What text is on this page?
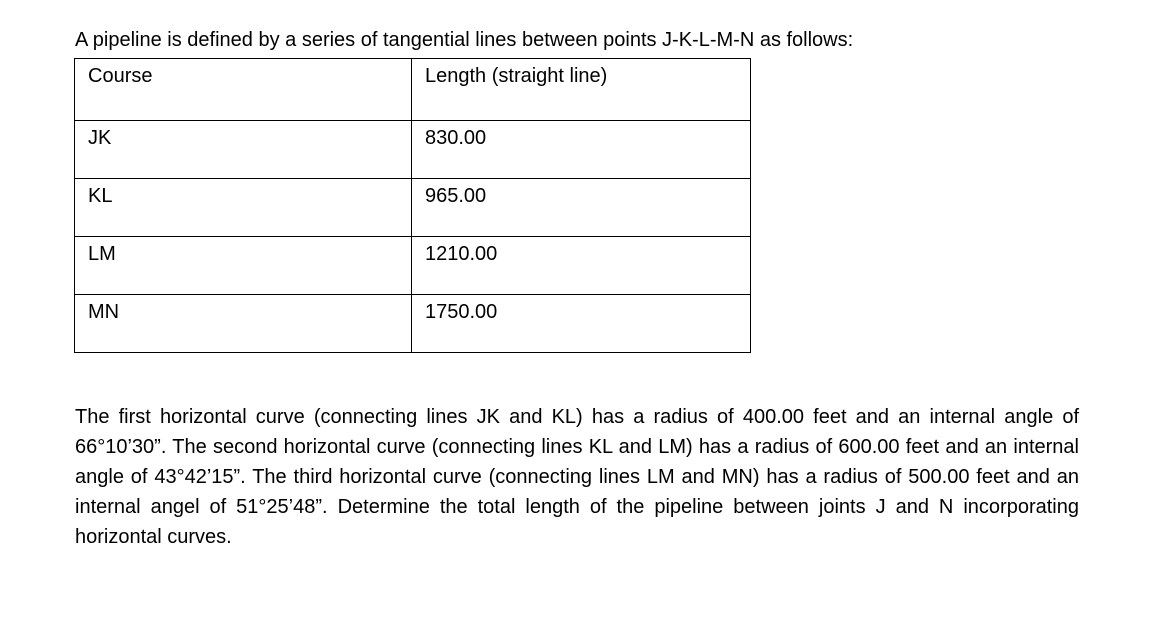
A pipeline is defined by a series of tangential lines between points J-K-L-M-N as follows:
Course	Length (straight line)
JK	830.00
KL	965.00
LM	1210.00
MN	1750.00
The first horizontal curve (connecting lines JK and KL) has a radius of 400.00 feet and an internal angle of 66°10’30”. The second horizontal curve (connecting lines KL and LM) has a radius of 600.00 feet and an internal angle of 43°42’15”. The third horizontal curve (connecting lines LM and MN) has a radius of 500.00 feet and an internal angel of 51°25’48”. Determine the total length of the pipeline between joints J and N incorporating horizontal curves.
